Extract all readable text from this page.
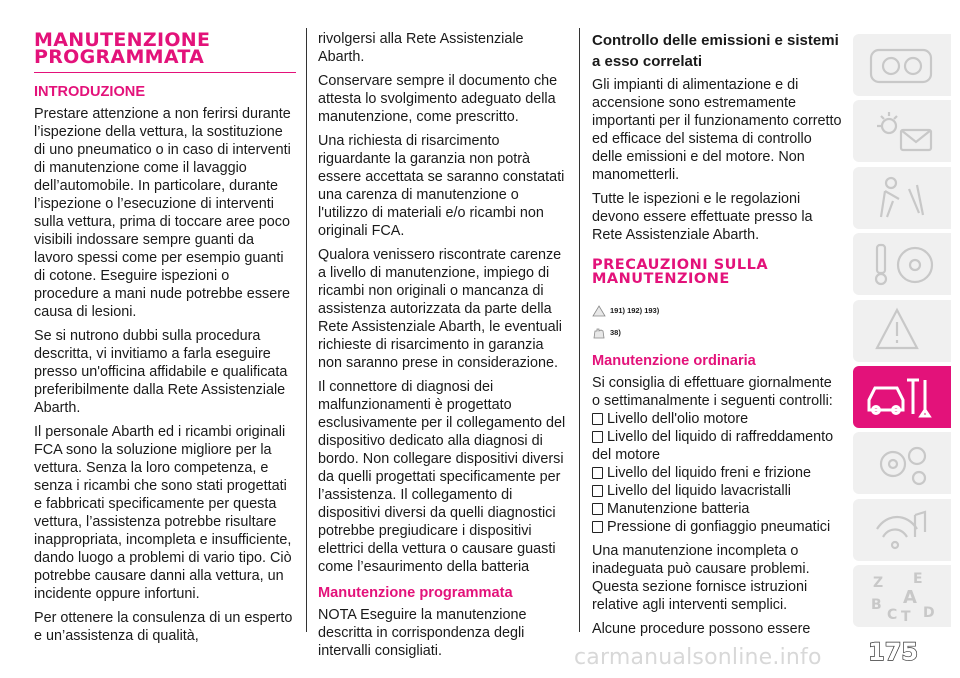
MANUTENZIONE PROGRAMMATA
INTRODUZIONE

Prestare attenzione a non ferirsi durante l’ispezione della vettura, la sostituzione di uno pneumatico o in caso di interventi di manutenzione come il lavaggio dell’automobile. In particolare, durante l’ispezione o l’esecuzione di interventi sulla vettura, prima di toccare aree poco visibili indossare sempre guanti da lavoro spessi come per esempio guanti di cotone. Eseguire ispezioni o procedure a mani nude potrebbe essere causa di lesioni.

Se si nutrono dubbi sulla procedura descritta, vi invitiamo a farla eseguire presso un'officina affidabile e qualificata preferibilmente dalla Rete Assistenziale Abarth.

Il personale Abarth ed i ricambi originali FCA sono la soluzione migliore per la vettura. Senza la loro competenza, e senza i ricambi che sono stati progettati e fabbricati specificamente per questa vettura, l’assistenza potrebbe risultare inappropriata, incompleta e insufficiente, dando luogo a problemi di vario tipo. Ciò potrebbe causare danni alla vettura, un incidente oppure infortuni.

Per ottenere la consulenza di un esperto e un’assistenza di qualità,

rivolgersi alla Rete Assistenziale Abarth.

Conservare sempre il documento che attesta lo svolgimento adeguato della manutenzione, come prescritto.

Una richiesta di risarcimento riguardante la garanzia non potrà essere accettata se saranno constatati una carenza di manutenzione o l'utilizzo di materiali e/o ricambi non originali FCA.

Qualora venissero riscontrate carenze a livello di manutenzione, impiego di ricambi non originali o mancanza di assistenza autorizzata da parte della Rete Assistenziale Abarth, le eventuali richieste di risarcimento in garanzia non saranno prese in considerazione.

Il connettore di diagnosi dei malfunzionamenti è progettato esclusivamente per il collegamento del dispositivo dedicato alla diagnosi di bordo. Non collegare dispositivi diversi da quelli progettati specificamente per l’assistenza. Il collegamento di dispositivi diversi da quelli diagnostici potrebbe pregiudicare i dispositivi elettrici della vettura o causare guasti come l’esaurimento della batteria

Manutenzione programmata

NOTA Eseguire la manutenzione descritta in corrispondenza degli intervalli consigliati.

Controllo delle emissioni e sistemi a esso correlati

Gli impianti di alimentazione e di accensione sono estremamente importanti per il funzionamento corretto ed efficace del sistema di controllo delle emissioni e del motore. Non manometterli.

Tutte le ispezioni e le regolazioni devono essere effettuate presso la Rete Assistenziale Abarth.

PRECAUZIONI SULLA MANUTENZIONE
191) 192) 193)
38)
Manutenzione ordinaria

Si consiglia di effettuare giornalmente o settimanalmente i seguenti controlli:

Livello dell'olio motore
Livello del liquido di raffreddamento del motore
Livello del liquido freni e frizione
Livello del liquido lavacristalli
Manutenzione batteria
Pressione di gonfiaggio pneumatici

Una manutenzione incompleta o inadeguata può causare problemi. Questa sezione fornisce istruzioni relative agli interventi semplici.

Alcune procedure possono essere

Z E
B A
C T D
carmanualsonline.info 175
